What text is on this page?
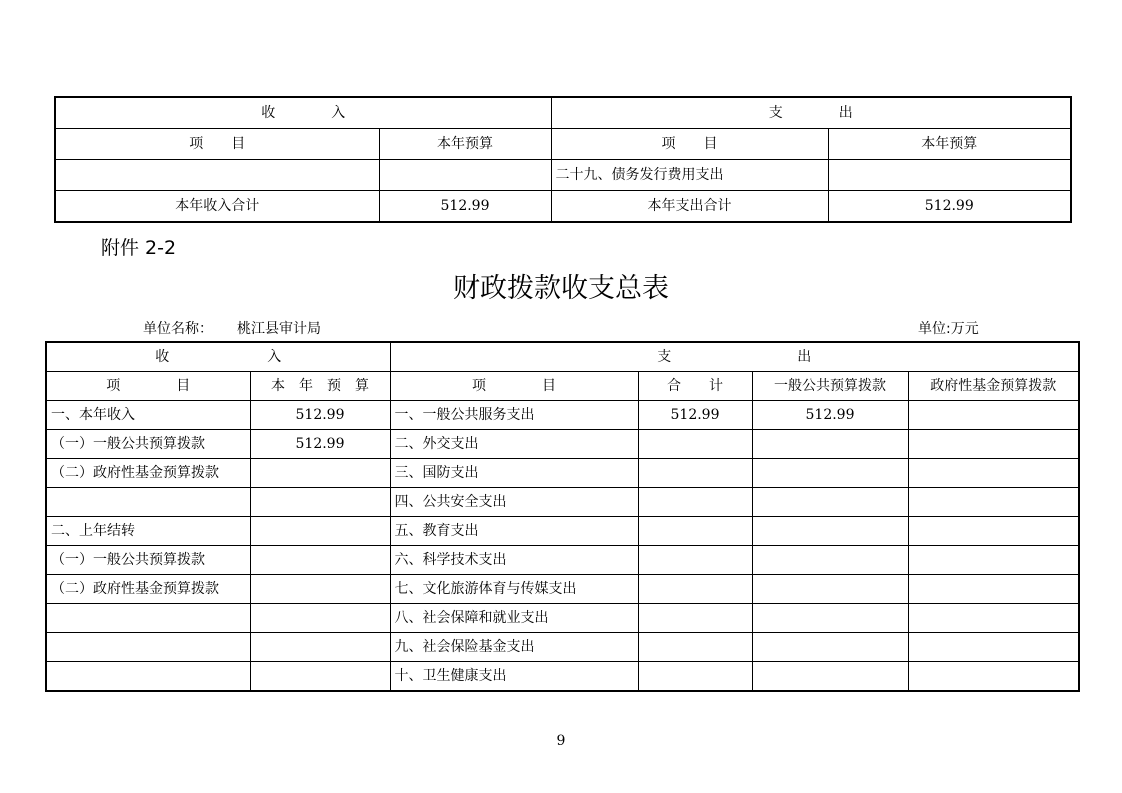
收　　　　入		支　　　　出	
项　　目	本年预算	项　　目	本年预算
		二十九、债务发行费用支出	
本年收入合计	512.99	本年支出合计	512.99
附件 2-2
财政拨款收支总表
单位名称： 桃江县审计局	单位:万元
收　　　　　　　入		支　　　　　　　　　出			
项　　　　目	本　年　预　算	项　　　　目	合　　计	一般公共预算拨款	政府性基金预算拨款
一、本年收入	512.99	一、一般公共服务支出	512.99	512.99	
（一）一般公共预算拨款	512.99	二、外交支出			
（二）政府性基金预算拨款		三、国防支出			
		四、公共安全支出			
二、上年结转		五、教育支出			
（一）一般公共预算拨款		六、科学技术支出			
（二）政府性基金预算拨款		七、文化旅游体育与传媒支出			
		八、社会保障和就业支出			
		九、社会保险基金支出			
		十、卫生健康支出			
9
